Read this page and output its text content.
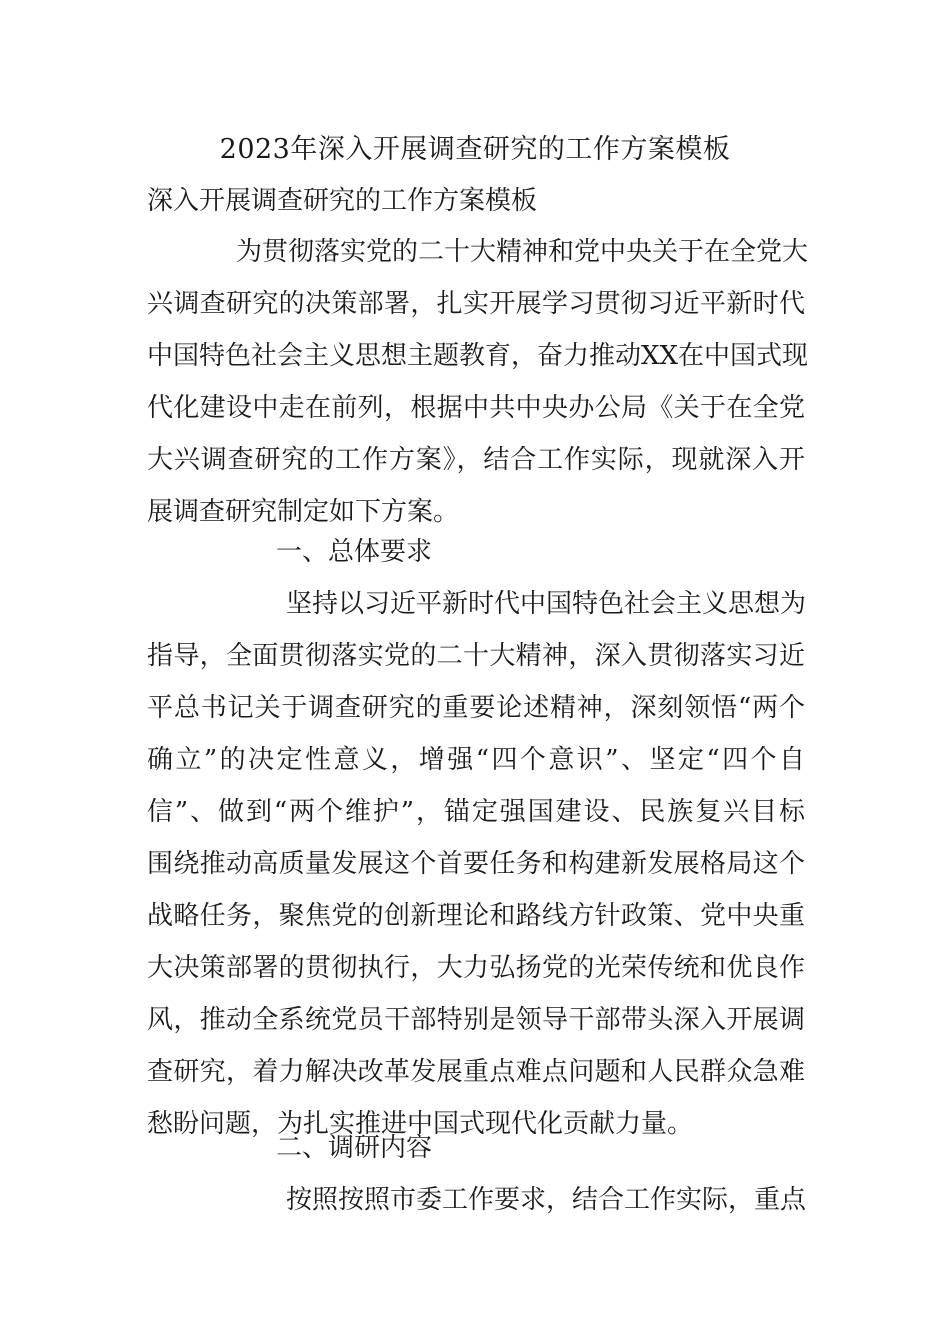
2023年深入开展调查研究的工作方案模板
深入开展调查研究的工作方案模板
为贯彻落实党的二十大精神和党中央关于在全党大
兴调查研究的决策部署，扎实开展学习贯彻习近平新时代
中国特色社会主义思想主题教育，奋力推动XX在中国式现
代化建设中走在前列，根据中共中央办公局《关于在全党
大兴调查研究的工作方案》，结合工作实际，现就深入开
展调查研究制定如下方案。
一、总体要求
坚持以习近平新时代中国特色社会主义思想为
指导，全面贯彻落实党的二十大精神，深入贯彻落实习近
平总书记关于调查研究的重要论述精神，深刻领悟“两个
确立”的决定性意义，增强“四个意识”、坚定“四个自
信”、做到“两个维护”，锚定强国建设、民族复兴目标
围绕推动高质量发展这个首要任务和构建新发展格局这个
战略任务，聚焦党的创新理论和路线方针政策、党中央重
大决策部署的贯彻执行，大力弘扬党的光荣传统和优良作
风，推动全系统党员干部特别是领导干部带头深入开展调
查研究，着力解决改革发展重点难点问题和人民群众急难
愁盼问题，为扎实推进中国式现代化贡献力量。
二、调研内容
按照按照市委工作要求，结合工作实际，重点
